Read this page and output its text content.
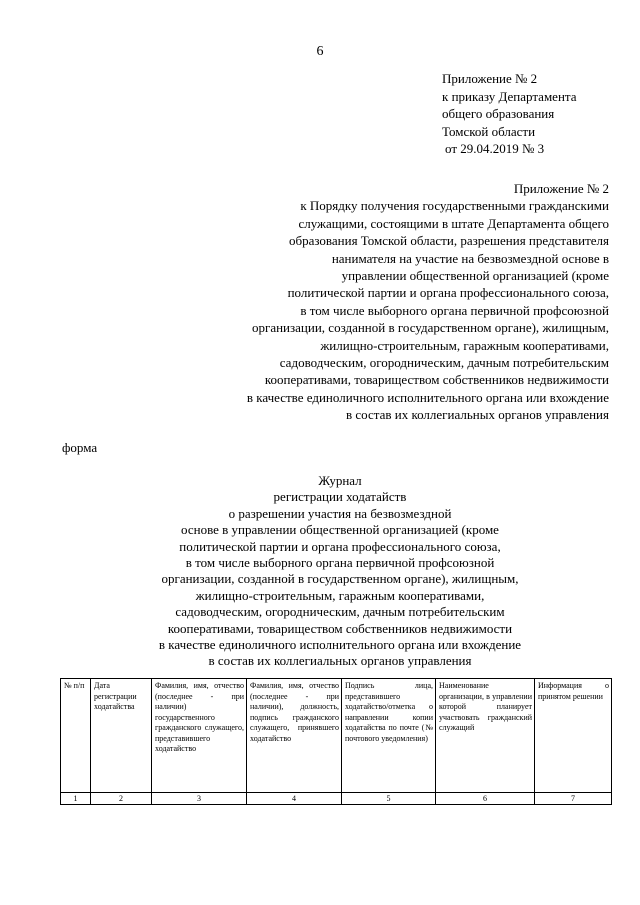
6
Приложение № 2
к приказу Департамента
общего образования
Томской области
от 29.04.2019 № 3
Приложение № 2
к Порядку получения государственными гражданскими
служащими, состоящими в штате Департамента общего
образования Томской области, разрешения представителя
нанимателя на участие на безвозмездной основе в
управлении общественной организацией (кроме
политической партии и органа профессионального союза,
в том числе выборного органа первичной профсоюзной
организации, созданной в государственном органе), жилищным,
жилищно-строительным, гаражным кооперативами,
садоводческим, огородническим, дачным потребительским
кооперативами, товариществом собственников недвижимости
в качестве единоличного исполнительного органа или вхождение
в состав их коллегиальных органов управления
форма
Журнал
регистрации ходатайств
о разрешении участия на безвозмездной
основе в управлении общественной организацией (кроме
политической партии и органа профессионального союза,
в том числе выборного органа первичной профсоюзной
организации, созданной в государственном органе), жилищным,
жилищно-строительным, гаражным кооперативами,
садоводческим, огородническим, дачным потребительским
кооперативами, товариществом собственников недвижимости
в качестве единоличного исполнительного органа или вхождение
в состав их коллегиальных органов управления
№ п/п	Дата регистрации ходатайства	Фамилия, имя, отчество (последнее - при наличии) государственного гражданского служащего, представившего ходатайство	Фамилия, имя, отчество (последнее - при наличии), должность, подпись гражданского служащего, принявшего ходатайство	Подпись лица, представившего ходатайство/отметка о направлении копии ходатайства по почте (№ почтового уведомления)	Наименование организации, в управлении которой планирует участвовать гражданский служащий	Информация о принятом решении
1	2	3	4	5	6	7
